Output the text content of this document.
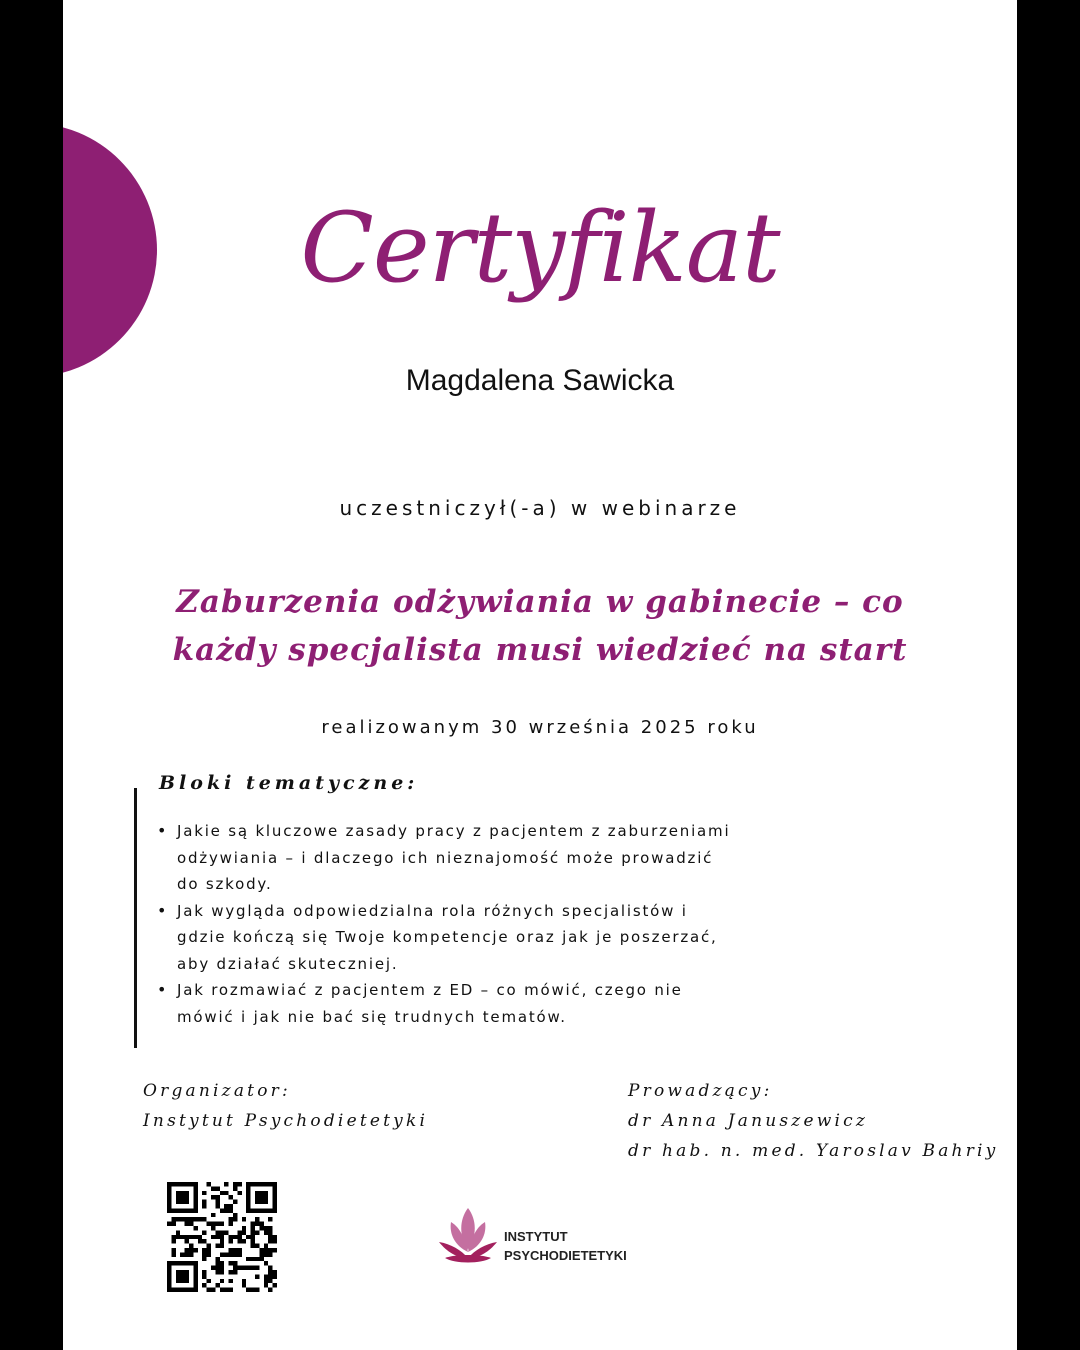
Certyfikat
Magdalena Sawicka
uczestniczył(-a) w webinarze
Zaburzenia odżywiania w gabinecie – co
każdy specjalista musi wiedzieć na start
realizowanym 30 września 2025 roku
Bloki tematyczne:
• Jakie są kluczowe zasady pracy z pacjentem z zaburzeniami
odżywiania – i dlaczego ich nieznajomość może prowadzić
do szkody.
• Jak wygląda odpowiedzialna rola różnych specjalistów i
gdzie kończą się Twoje kompetencje oraz jak je poszerzać,
aby działać skuteczniej.
• Jak rozmawiać z pacjentem z ED – co mówić, czego nie
mówić i jak nie bać się trudnych tematów.
Organizator:
Instytut Psychodietetyki
Prowadzący:
dr Anna Januszewicz
dr hab. n. med. Yaroslav Bahriy
INSTYTUT
PSYCHODIETETYKI
